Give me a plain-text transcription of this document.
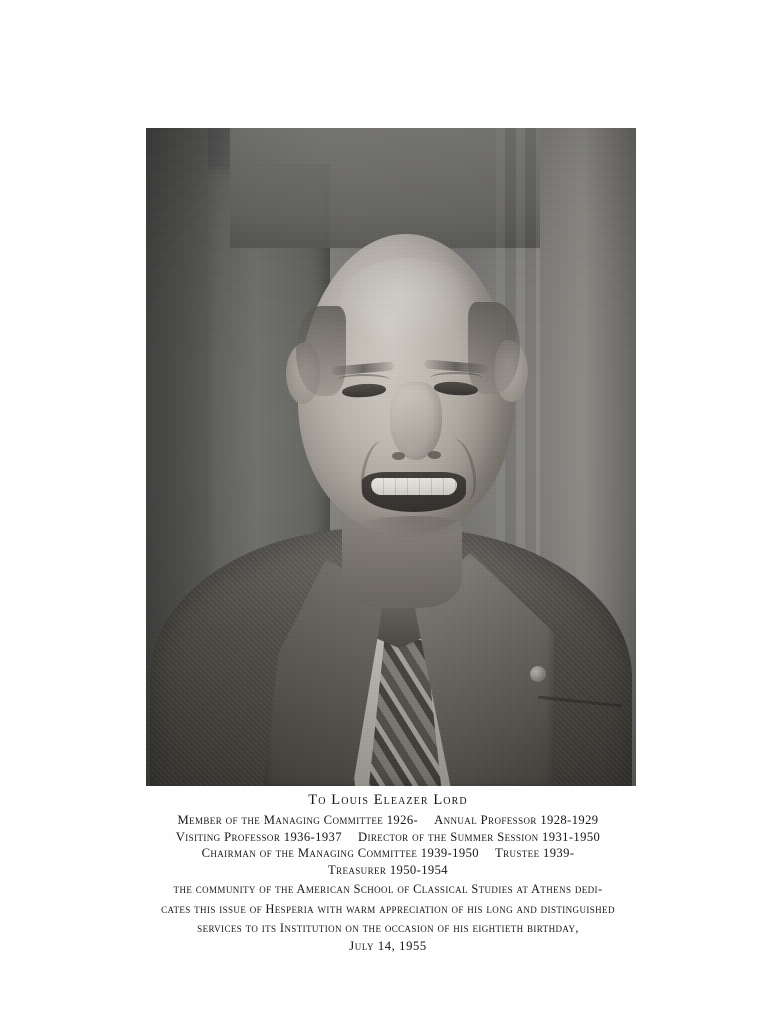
To Louis Eleazer Lord
Member of the Managing Committee 1926- Annual Professor 1928-1929
Visiting Professor 1936-1937 Director of the Summer Session 1931-1950
Chairman of the Managing Committee 1939-1950 Trustee 1939-
Treasurer 1950-1954
the community of the American School of Classical Studies at Athens dedi-
cates this issue of Hesperia with warm appreciation of his long and distinguished
services to its Institution on the occasion of his eightieth birthday,
July 14, 1955
